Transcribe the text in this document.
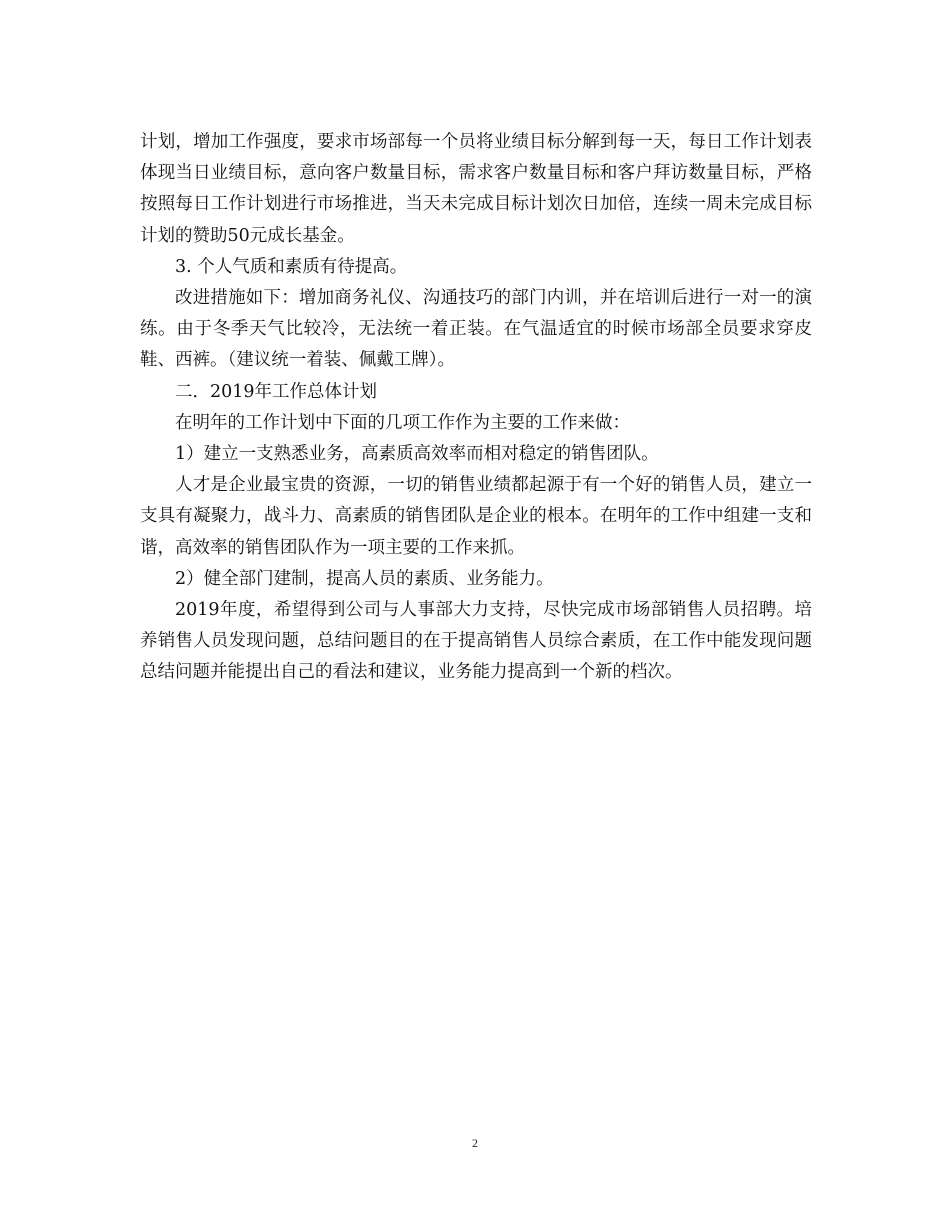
计划，增加工作强度，要求市场部每一个员将业绩目标分解到每一天，每日工作计划表体现当日业绩目标，意向客户数量目标，需求客户数量目标和客户拜访数量目标，严格按照每日工作计划进行市场推进，当天未完成目标计划次日加倍，连续一周未完成目标计划的赞助50元成长基金。

3. 个人气质和素质有待提高。

改进措施如下：增加商务礼仪、沟通技巧的部门内训，并在培训后进行一对一的演练。由于冬季天气比较冷，无法统一着正装。在气温适宜的时候市场部全员要求穿皮鞋、西裤。（建议统一着装、佩戴工牌）。

二．2019年工作总体计划

在明年的工作计划中下面的几项工作作为主要的工作来做：

1）建立一支熟悉业务，高素质高效率而相对稳定的销售团队。

人才是企业最宝贵的资源，一切的销售业绩都起源于有一个好的销售人员，建立一支具有凝聚力，战斗力、高素质的销售团队是企业的根本。在明年的工作中组建一支和谐，高效率的销售团队作为一项主要的工作来抓。

2）健全部门建制，提高人员的素质、业务能力。

2019年度，希望得到公司与人事部大力支持，尽快完成市场部销售人员招聘。培养销售人员发现问题，总结问题目的在于提高销售人员综合素质，在工作中能发现问题总结问题并能提出自己的看法和建议，业务能力提高到一个新的档次。

2
